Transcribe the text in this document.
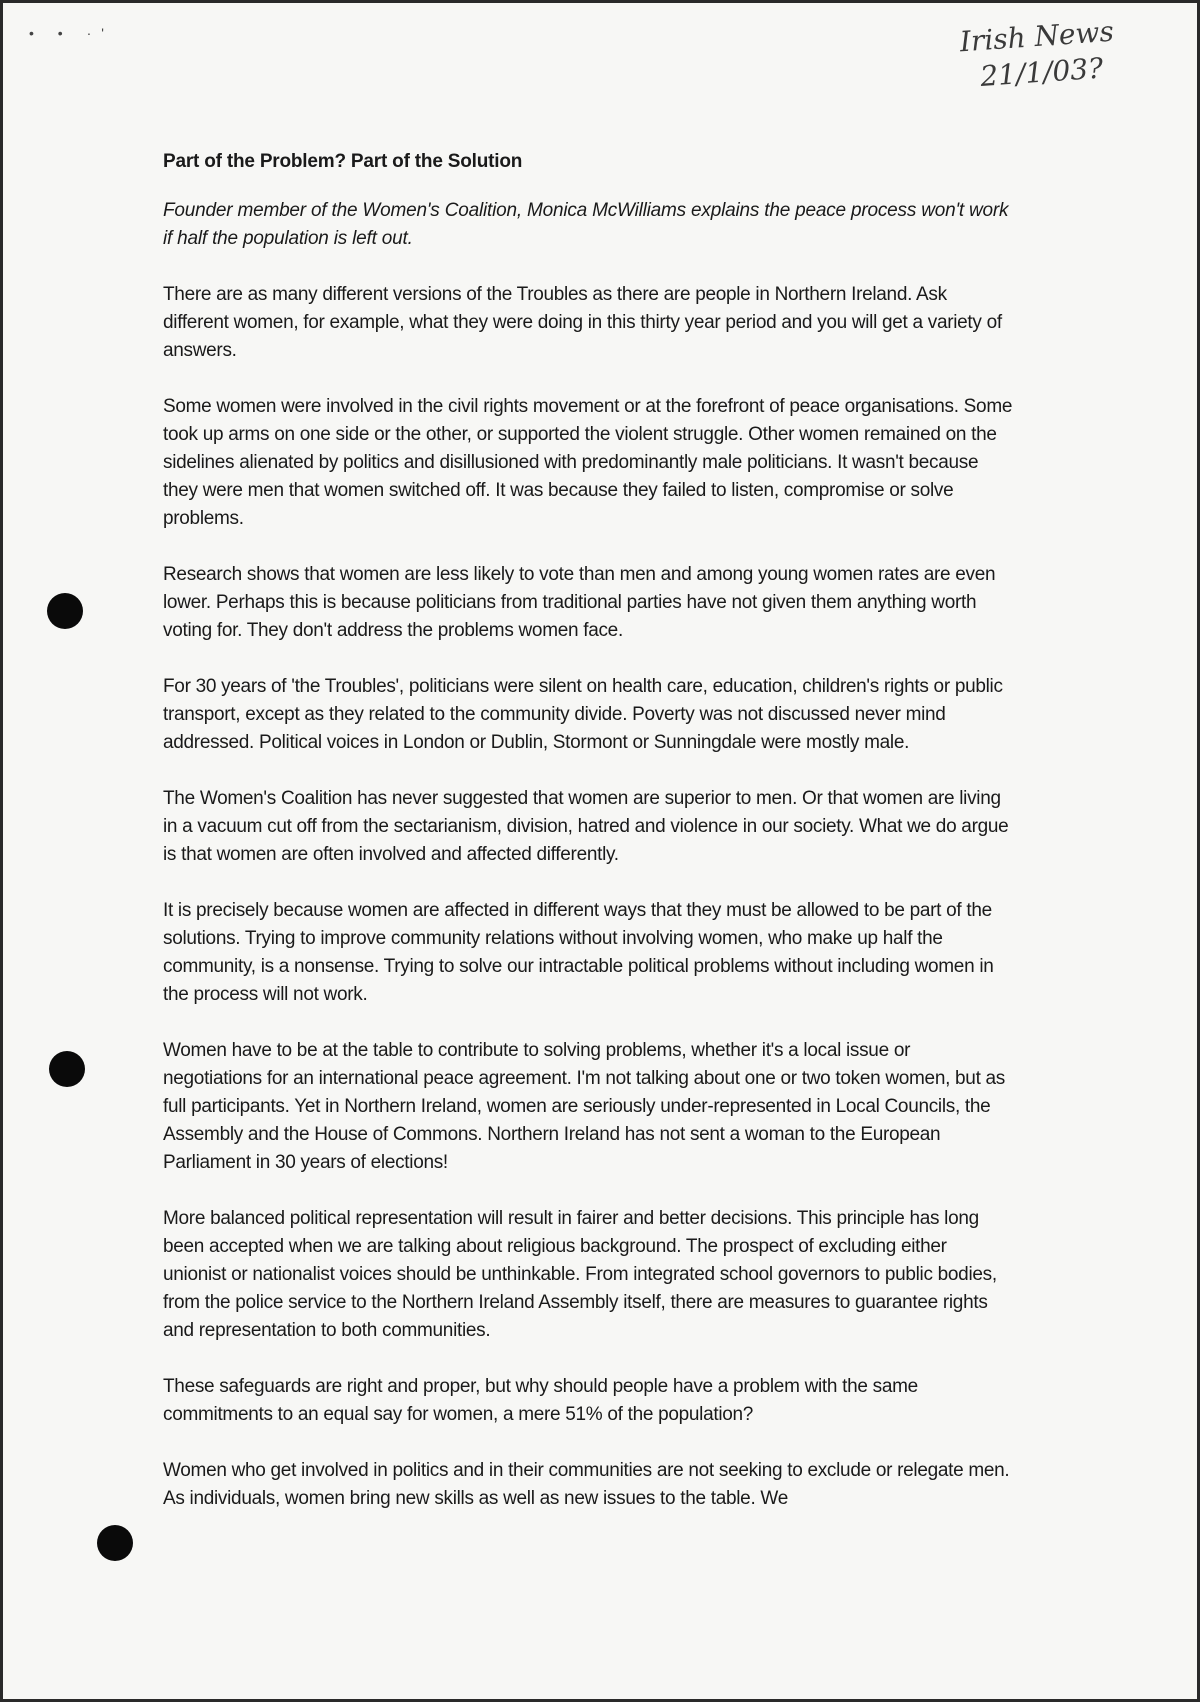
• • ·'	Irish News
21/1/03?
Part of the Problem? Part of the Solution
Founder member of the Women's Coalition, Monica McWilliams explains the peace process won't work if half the population is left out.

There are as many different versions of the Troubles as there are people in Northern Ireland. Ask different women, for example, what they were doing in this thirty year period and you will get a variety of answers.

Some women were involved in the civil rights movement or at the forefront of peace organisations. Some took up arms on one side or the other, or supported the violent struggle. Other women remained on the sidelines alienated by politics and disillusioned with predominantly male politicians. It wasn't because they were men that women switched off. It was because they failed to listen, compromise or solve problems.

Research shows that women are less likely to vote than men and among young women rates are even lower. Perhaps this is because politicians from traditional parties have not given them anything worth voting for. They don't address the problems women face.

For 30 years of 'the Troubles', politicians were silent on health care, education, children's rights or public transport, except as they related to the community divide. Poverty was not discussed never mind addressed. Political voices in London or Dublin, Stormont or Sunningdale were mostly male.

The Women's Coalition has never suggested that women are superior to men. Or that women are living in a vacuum cut off from the sectarianism, division, hatred and violence in our society. What we do argue is that women are often involved and affected differently.

It is precisely because women are affected in different ways that they must be allowed to be part of the solutions. Trying to improve community relations without involving women, who make up half the community, is a nonsense. Trying to solve our intractable political problems without including women in the process will not work.

Women have to be at the table to contribute to solving problems, whether it's a local issue or negotiations for an international peace agreement. I'm not talking about one or two token women, but as full participants. Yet in Northern Ireland, women are seriously under-represented in Local Councils, the Assembly and the House of Commons. Northern Ireland has not sent a woman to the European Parliament in 30 years of elections!

More balanced political representation will result in fairer and better decisions. This principle has long been accepted when we are talking about religious background. The prospect of excluding either unionist or nationalist voices should be unthinkable. From integrated school governors to public bodies, from the police service to the Northern Ireland Assembly itself, there are measures to guarantee rights and representation to both communities.

These safeguards are right and proper, but why should people have a problem with the same commitments to an equal say for women, a mere 51% of the population?

Women who get involved in politics and in their communities are not seeking to exclude or relegate men. As individuals, women bring new skills as well as new issues to the table. We
